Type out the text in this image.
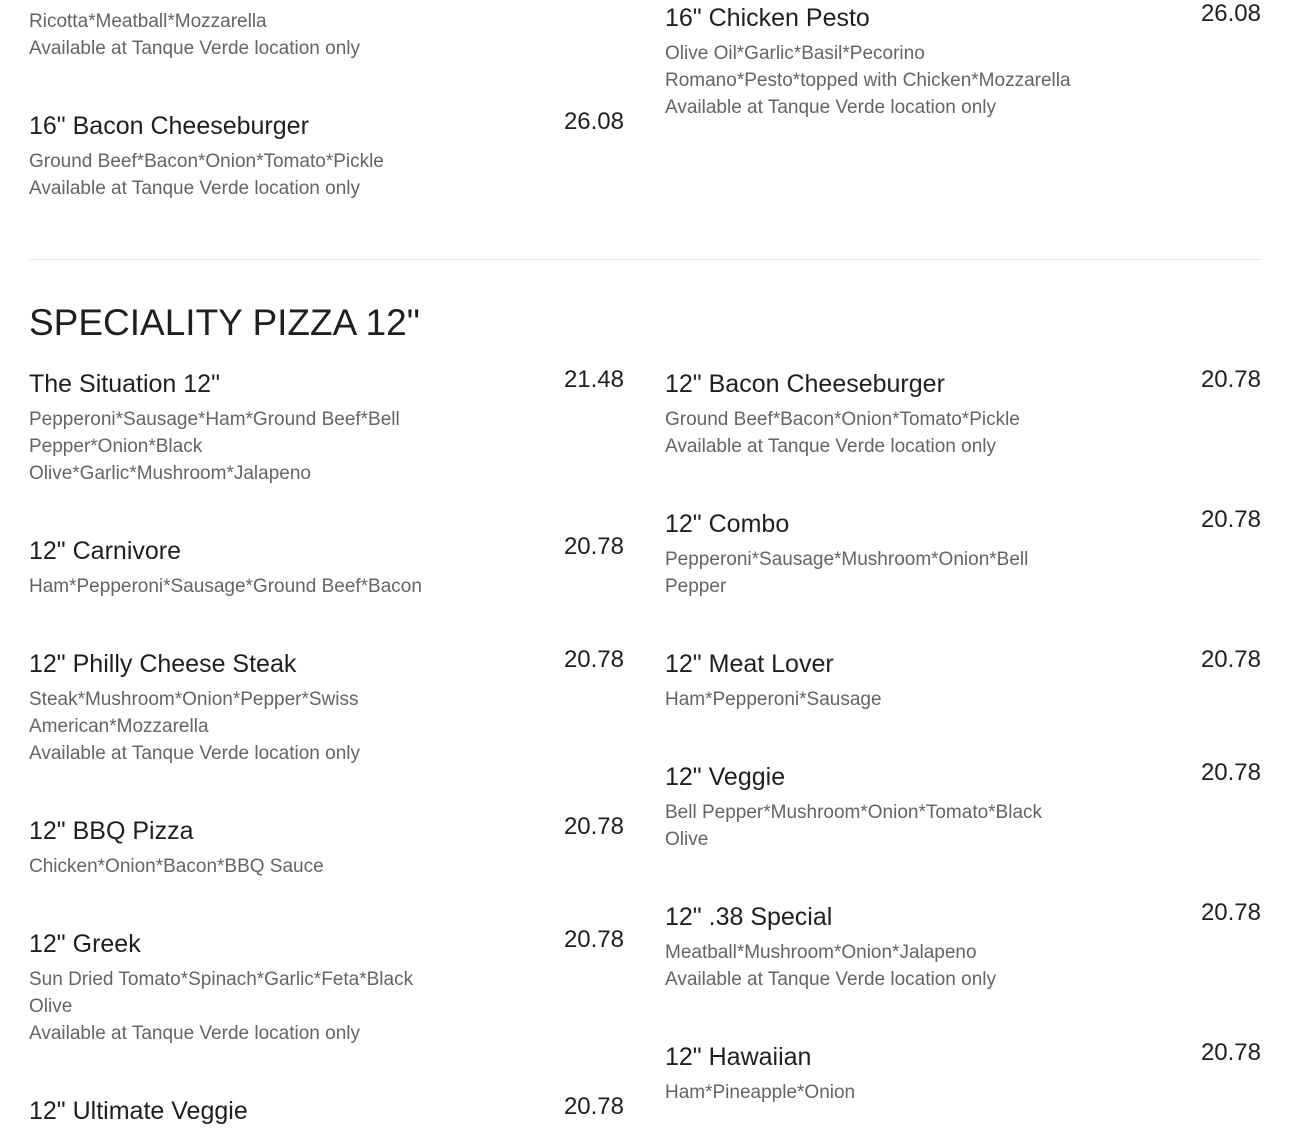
Ricotta*Meatball*Mozzarella
Available at Tanque Verde location only

16" Bacon Cheeseburger	26.08

Ground Beef*Bacon*Onion*Tomato*Pickle
Available at Tanque Verde location only

16" Chicken Pesto	26.08

Olive Oil*Garlic*Basil*Pecorino
Romano*Pesto*topped with Chicken*Mozzarella
Available at Tanque Verde location only

SPECIALITY PIZZA 12"
The Situation 12"	21.48

Pepperoni*Sausage*Ham*Ground Beef*Bell
Pepper*Onion*Black
Olive*Garlic*Mushroom*Jalapeno

12" Carnivore	20.78

Ham*Pepperoni*Sausage*Ground Beef*Bacon

12" Philly Cheese Steak	20.78

Steak*Mushroom*Onion*Pepper*Swiss
American*Mozzarella
Available at Tanque Verde location only

12" BBQ Pizza	20.78

Chicken*Onion*Bacon*BBQ Sauce

12" Greek	20.78

Sun Dried Tomato*Spinach*Garlic*Feta*Black
Olive
Available at Tanque Verde location only

12" Ultimate Veggie	20.78
12" Bacon Cheeseburger	20.78

Ground Beef*Bacon*Onion*Tomato*Pickle
Available at Tanque Verde location only

12" Combo	20.78

Pepperoni*Sausage*Mushroom*Onion*Bell
Pepper

12" Meat Lover	20.78

Ham*Pepperoni*Sausage

12" Veggie	20.78

Bell Pepper*Mushroom*Onion*Tomato*Black
Olive

12" .38 Special	20.78

Meatball*Mushroom*Onion*Jalapeno
Available at Tanque Verde location only

12" Hawaiian	20.78

Ham*Pineapple*Onion
